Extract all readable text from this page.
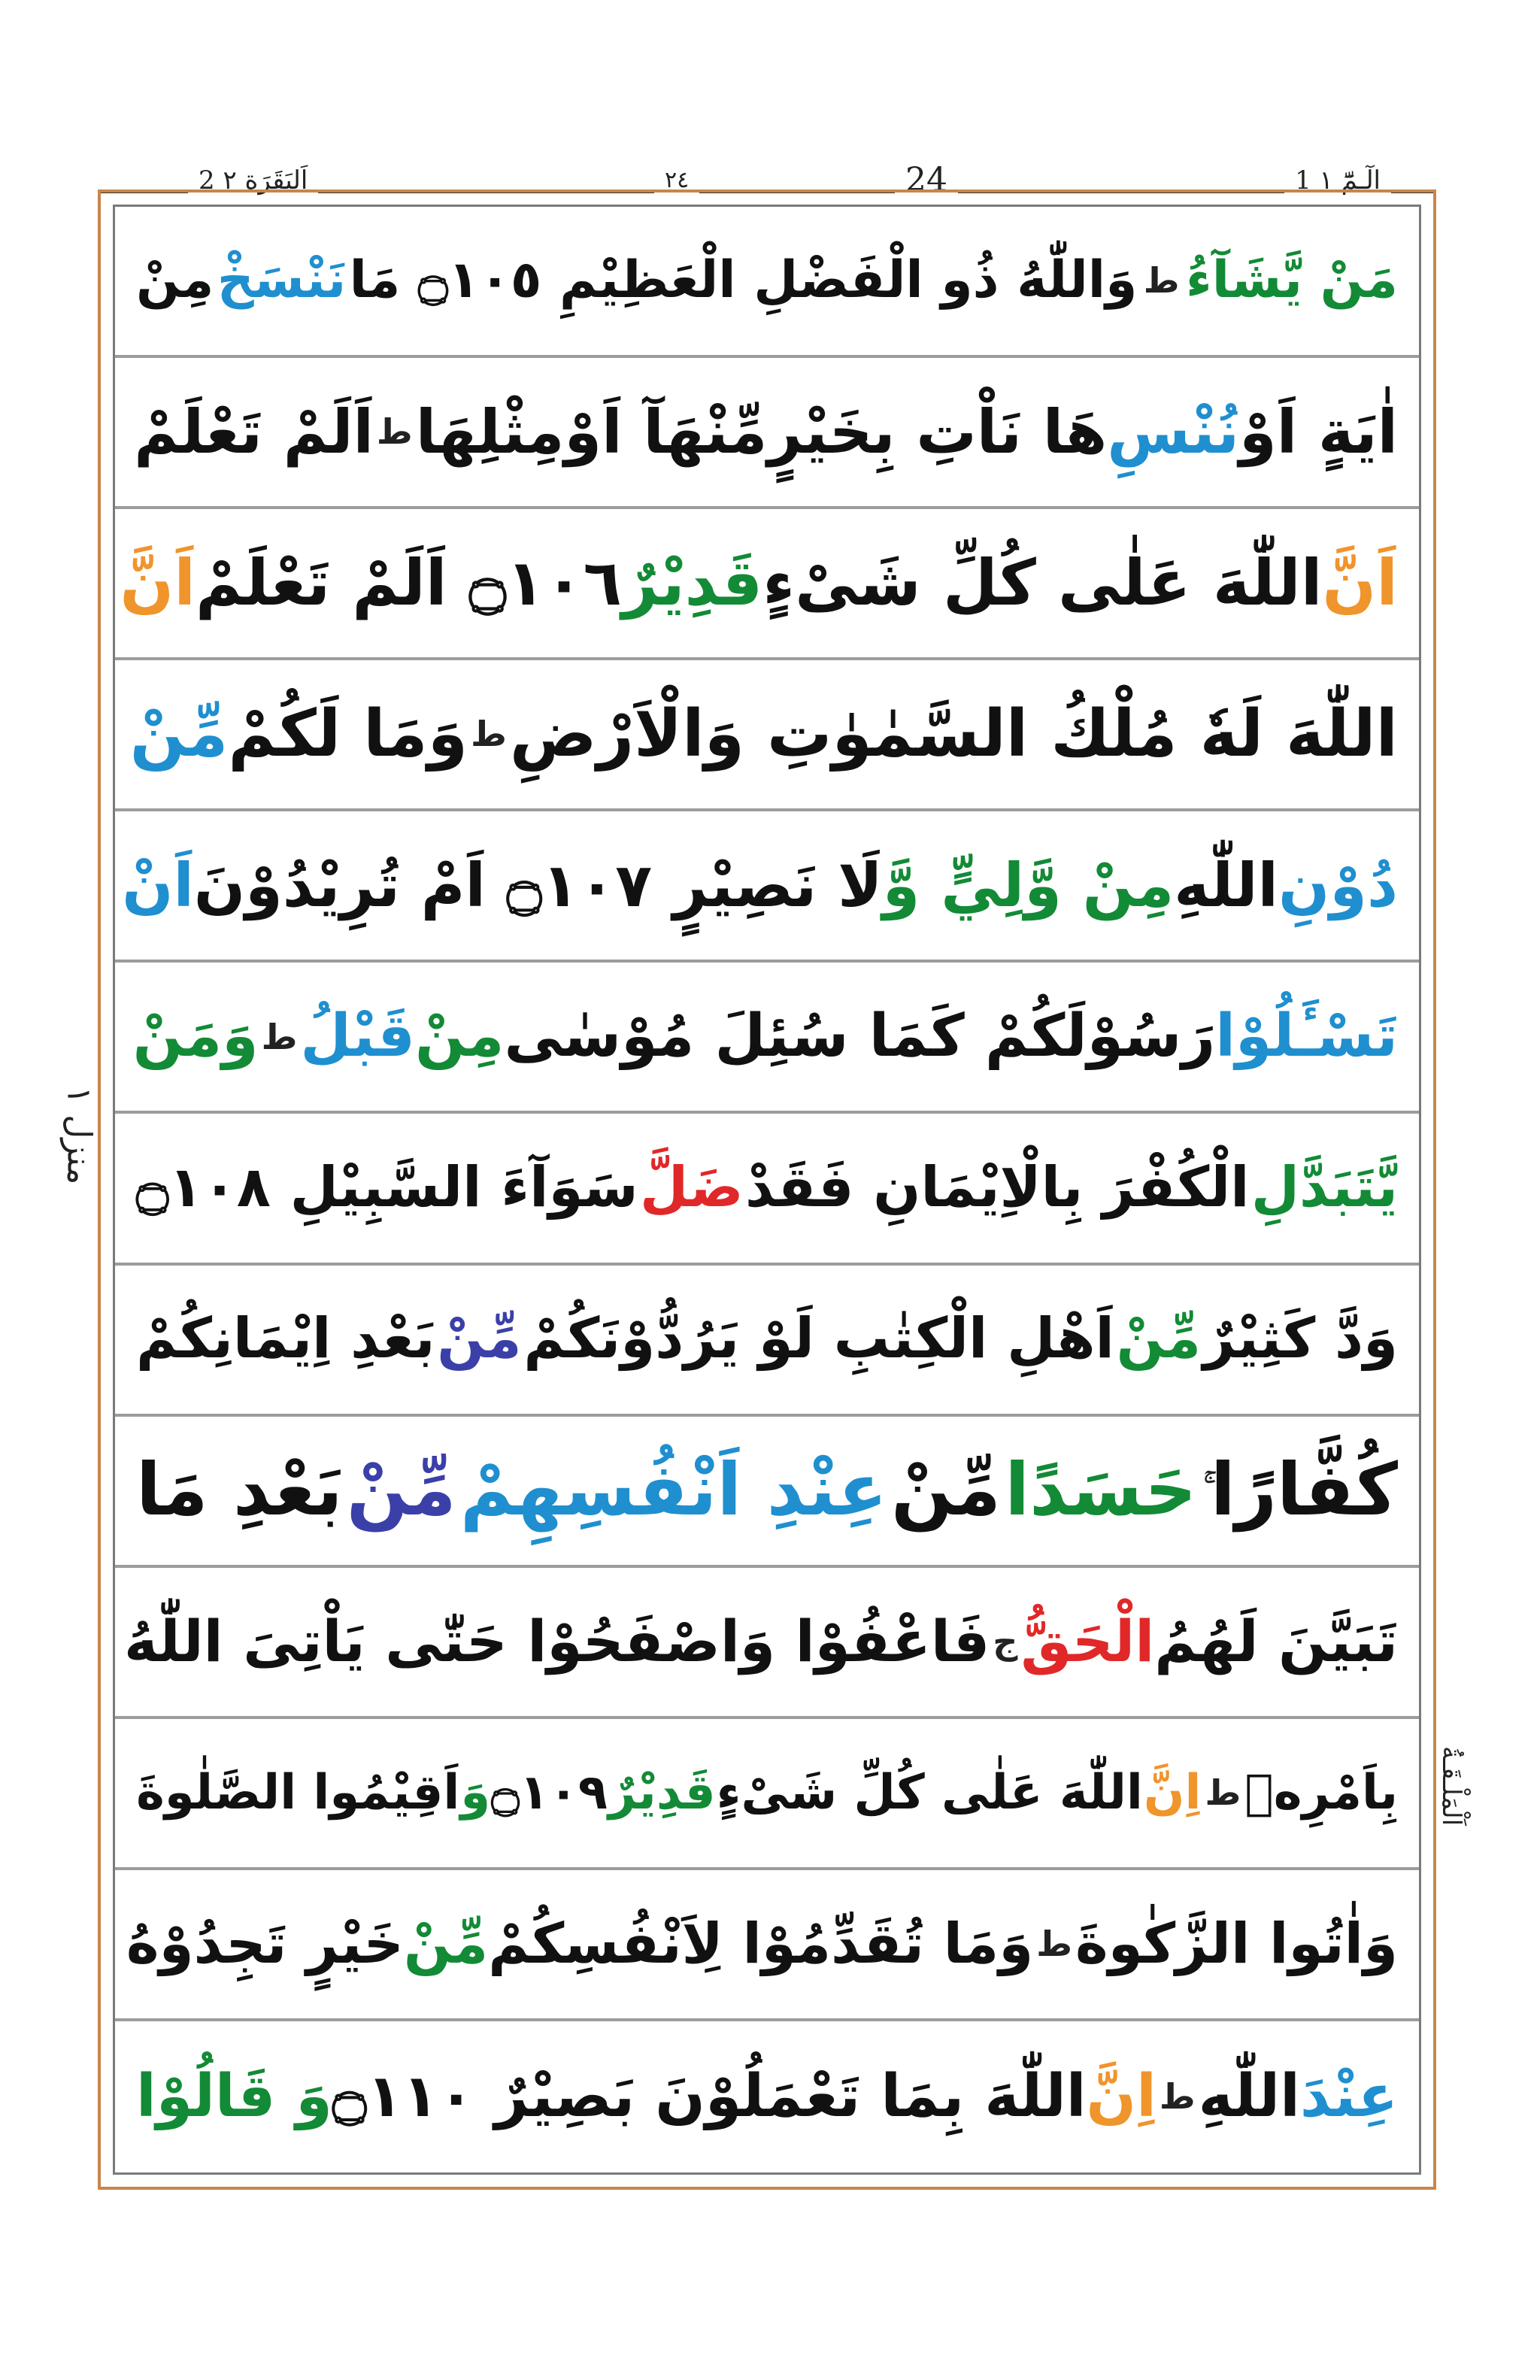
2 اَلبَقَرَة ٢	٢٤	24	1 الٓـمّٓ ١
مَنْ يَّشَآءُ
ط
وَاللّٰهُ ذُو الْفَضْلِ الْعَظِيْمِ ۝١٠٥ مَا
نَنْسَخْ
مِنْ
اٰيَةٍ اَوْ
نُنْسِ
هَا نَاْتِ بِخَيْرٍمِّنْهَآ اَوْمِثْلِهَا
ط
اَلَمْ تَعْلَمْ
اَنَّ
اللّٰهَ عَلٰى كُلِّ شَىْءٍ
قَدِيْرٌ
۝١٠٦ اَلَمْ تَعْلَمْ
اَنَّ
اللّٰهَ لَهٗ مُلْكُ السَّمٰوٰتِ وَالْاَرْضِ
ط
وَمَا لَكُمْ
مِّنْ
دُوْنِ
اللّٰهِ
مِنْ وَّلِيٍّ وَّ
لَا نَصِيْرٍ ۝١٠٧ اَمْ تُرِيْدُوْنَ
اَنْ
تَسْـَٔلُوْا
رَسُوْلَكُمْ كَمَا سُئِلَ مُوْسٰى
مِنْ
قَبْلُ
ط
وَمَنْ
يَّتَبَدَّلِ
الْكُفْرَ بِالْاِيْمَانِ فَقَدْ
ضَلَّ
سَوَآءَ السَّبِيْلِ ۝١٠٨
وَدَّ كَثِيْرٌ
مِّنْ
اَهْلِ الْكِتٰبِ لَوْ يَرُدُّوْنَكُمْ
مِّنْ
بَعْدِ اِيْمَانِكُمْ
كُفَّارًا
حَسَدًا
مِّنْ
عِنْدِ اَنْفُسِهِمْ
مِّنْ
بَعْدِ مَا
تَبَيَّنَ لَهُمُ
الْحَقُّ
ج
فَاعْفُوْا وَاصْفَحُوْا حَتّٰى يَاْتِىَ اللّٰهُ
بِاَمْرِهٖ
ط
اِنَّ
اللّٰهَ عَلٰى كُلِّ شَىْءٍ
قَدِيْرٌ
۝١٠٩
وَ
اَقِيْمُوا الصَّلٰوةَ
وَاٰتُوا الزَّكٰوةَ
ط
وَمَا تُقَدِّمُوْا لِاَنْفُسِكُمْ
مِّنْ
خَيْرٍ تَجِدُوْهُ
عِنْدَ
اللّٰهِ
ط
اِنَّ
اللّٰهَ بِمَا تَعْمَلُوْنَ بَصِيْرٌ ۝١١٠
وَ قَالُوْا
منزل ١
اَلْمَلْـقَـةُ
